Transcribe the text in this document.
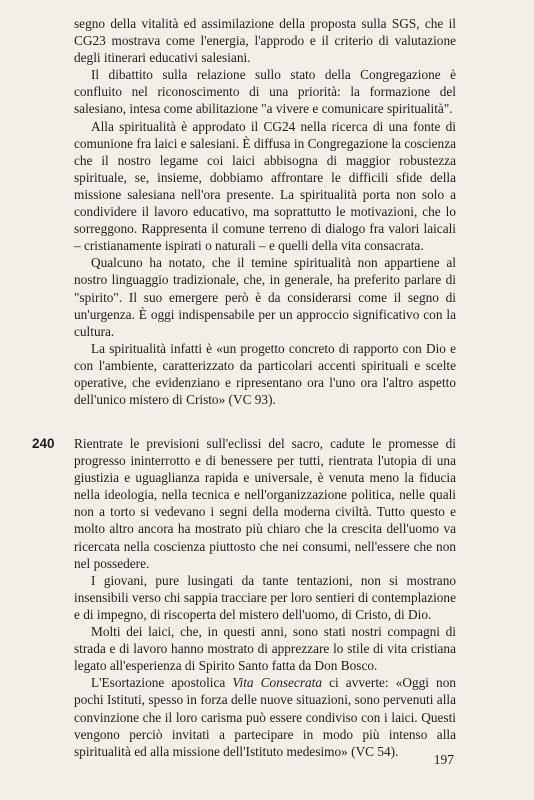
segno della vitalità ed assimilazione della proposta sulla SGS, che il CG23 mostrava come l'energia, l'approdo e il criterio di valutazione degli itinerari educativi salesiani.

Il dibattito sulla relazione sullo stato della Congregazione è confluito nel riconoscimento di una priorità: la formazione del salesiano, intesa come abilitazione "a vivere e comunicare spiritualità".

Alla spiritualità è approdato il CG24 nella ricerca di una fonte di comunione fra laici e salesiani. È diffusa in Congregazione la coscienza che il nostro legame coi laici abbisogna di maggior robustezza spirituale, se, insieme, dobbiamo affrontare le difficili sfide della missione salesiana nell'ora presente. La spiritualità porta non solo a condividere il lavoro educativo, ma soprattutto le motivazioni, che lo sorreggono. Rappresenta il comune terreno di dialogo fra valori laicali – cristianamente ispirati o naturali – e quelli della vita consacrata.

Qualcuno ha notato, che il temine spiritualità non appartiene al nostro linguaggio tradizionale, che, in generale, ha preferito parlare di "spirito". Il suo emergere però è da considerarsi come il segno di un'urgenza. È oggi indispensabile per un approccio significativo con la cultura.

La spiritualità infatti è «un progetto concreto di rapporto con Dio e con l'ambiente, caratterizzato da particolari accenti spirituali e scelte operative, che evidenziano e ripresentano ora l'uno ora l'altro aspetto dell'unico mistero di Cristo» (VC 93).

240 Rientrate le previsioni sull'eclissi del sacro, cadute le promesse di progresso ininterrotto e di benessere per tutti, rientrata l'utopia di una giustizia e uguaglianza rapida e universale, è venuta meno la fiducia nella ideologia, nella tecnica e nell'organizzazione politica, nelle quali non a torto si vedevano i segni della moderna civiltà. Tutto questo e molto altro ancora ha mostrato più chiaro che la crescita dell'uomo va ricercata nella coscienza piuttosto che nei consumi, nell'essere che non nel possedere.

I giovani, pure lusingati da tante tentazioni, non si mostrano insensibili verso chi sappia tracciare per loro sentieri di contemplazione e di impegno, di riscoperta del mistero dell'uomo, di Cristo, di Dio.

Molti dei laici, che, in questi anni, sono stati nostri compagni di strada e di lavoro hanno mostrato di apprezzare lo stile di vita cristiana legato all'esperienza di Spirito Santo fatta da Don Bosco.

L'Esortazione apostolica Vita Consecrata ci avverte: «Oggi non pochi Istituti, spesso in forza delle nuove situazioni, sono pervenuti alla convinzione che il loro carisma può essere condiviso con i laici. Questi vengono perciò invitati a partecipare in modo più intenso alla spiritualità ed alla missione dell'Istituto medesimo» (VC 54).

197
